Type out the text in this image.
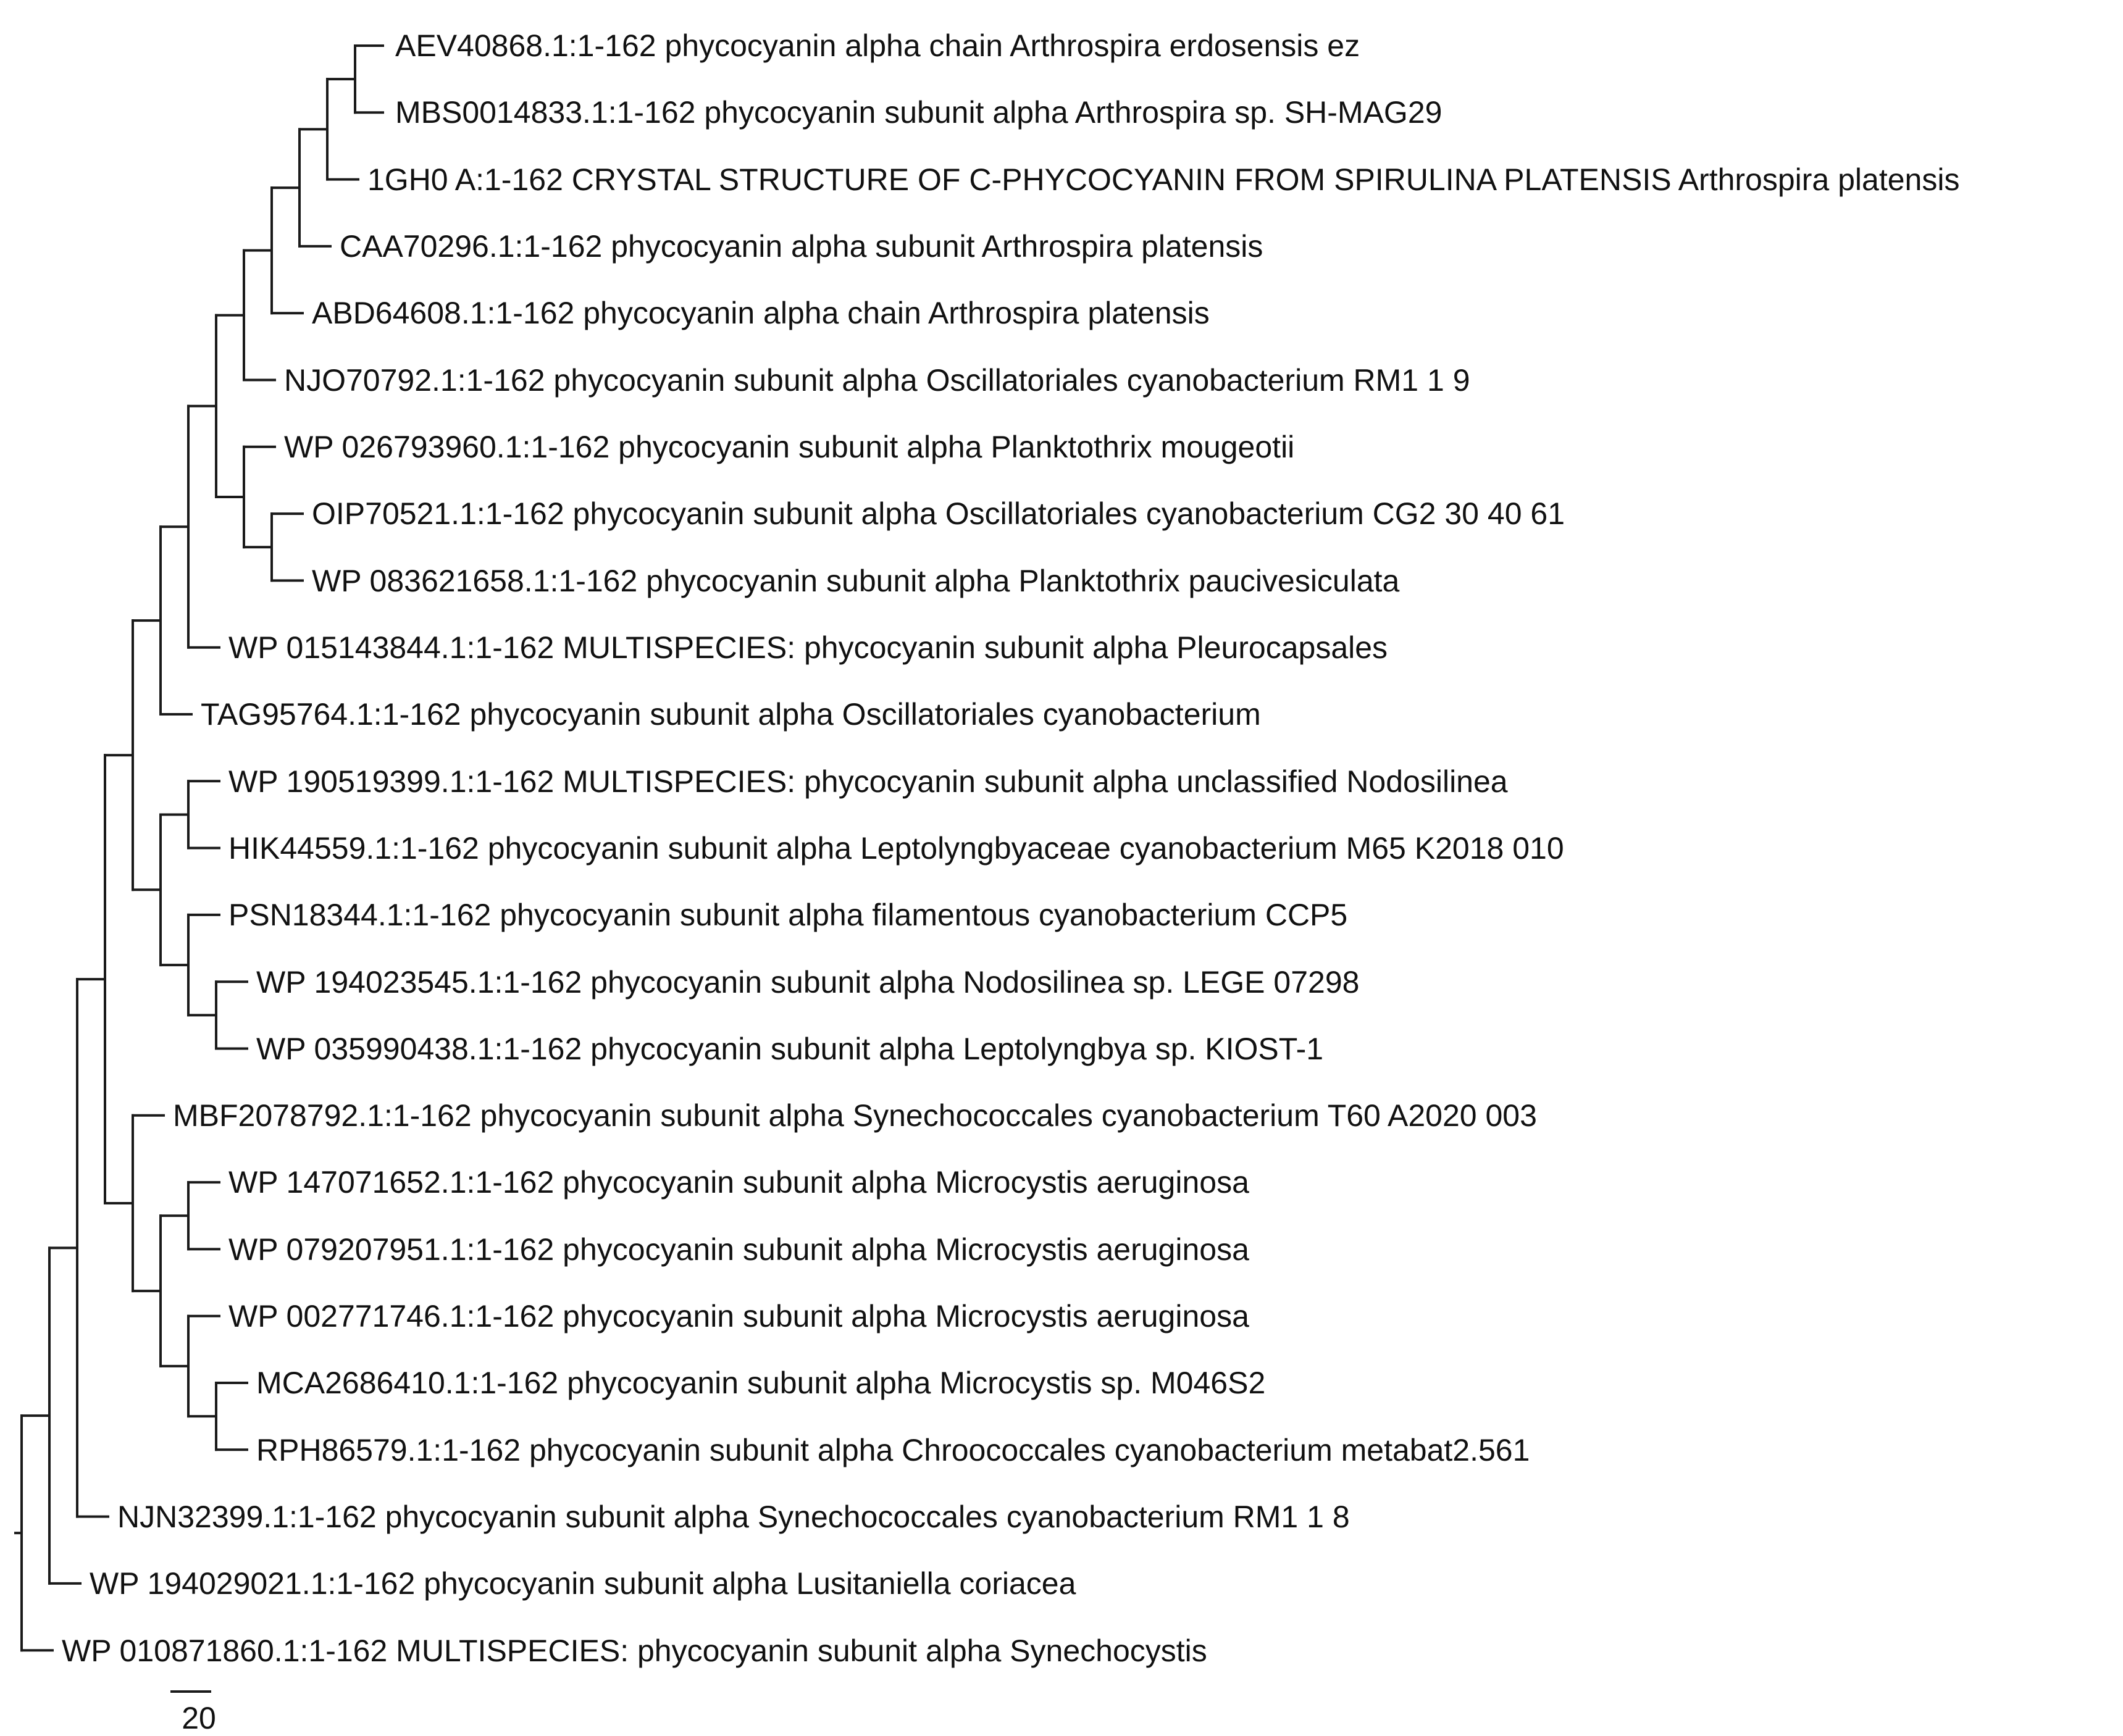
AEV40868.1:1-162 phycocyanin alpha chain Arthrospira erdosensis ez
MBS0014833.1:1-162 phycocyanin subunit alpha Arthrospira sp. SH-MAG29
1GH0 A:1-162 CRYSTAL STRUCTURE OF C-PHYCOCYANIN FROM SPIRULINA PLATENSIS Arthrospira platensis
CAA70296.1:1-162 phycocyanin alpha subunit Arthrospira platensis
ABD64608.1:1-162 phycocyanin alpha chain Arthrospira platensis
NJO70792.1:1-162 phycocyanin subunit alpha Oscillatoriales cyanobacterium RM1 1 9
WP 026793960.1:1-162 phycocyanin subunit alpha Planktothrix mougeotii
OIP70521.1:1-162 phycocyanin subunit alpha Oscillatoriales cyanobacterium CG2 30 40 61
WP 083621658.1:1-162 phycocyanin subunit alpha Planktothrix paucivesiculata
WP 015143844.1:1-162 MULTISPECIES: phycocyanin subunit alpha Pleurocapsales
TAG95764.1:1-162 phycocyanin subunit alpha Oscillatoriales cyanobacterium
WP 190519399.1:1-162 MULTISPECIES: phycocyanin subunit alpha unclassified Nodosilinea
HIK44559.1:1-162 phycocyanin subunit alpha Leptolyngbyaceae cyanobacterium M65 K2018 010
PSN18344.1:1-162 phycocyanin subunit alpha filamentous cyanobacterium CCP5
WP 194023545.1:1-162 phycocyanin subunit alpha Nodosilinea sp. LEGE 07298
WP 035990438.1:1-162 phycocyanin subunit alpha Leptolyngbya sp. KIOST-1
MBF2078792.1:1-162 phycocyanin subunit alpha Synechococcales cyanobacterium T60 A2020 003
WP 147071652.1:1-162 phycocyanin subunit alpha Microcystis aeruginosa
WP 079207951.1:1-162 phycocyanin subunit alpha Microcystis aeruginosa
WP 002771746.1:1-162 phycocyanin subunit alpha Microcystis aeruginosa
MCA2686410.1:1-162 phycocyanin subunit alpha Microcystis sp. M046S2
RPH86579.1:1-162 phycocyanin subunit alpha Chroococcales cyanobacterium metabat2.561
NJN32399.1:1-162 phycocyanin subunit alpha Synechococcales cyanobacterium RM1 1 8
WP 194029021.1:1-162 phycocyanin subunit alpha Lusitaniella coriacea
WP 010871860.1:1-162 MULTISPECIES: phycocyanin subunit alpha Synechocystis
20
